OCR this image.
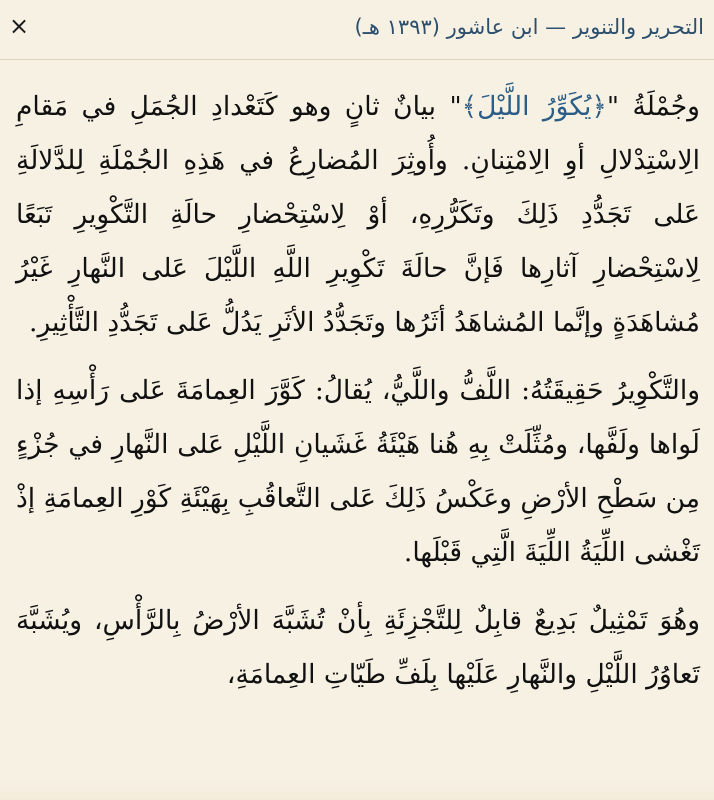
×	التحرير والتنوير — ابن عاشور (١٣٩٣ هـ)

وجُمْلَةُ "﴿يُكَوِّرُ اللَّيْلَ﴾" بيانٌ ثانٍ وهو كَتَعْدادِ الجُمَلِ في مَقامِ الِاسْتِدْلالِ أوِ الِامْتِنانِ. وأُوثِرَ المُضارِعُ في هَذِهِ الجُمْلَةِ لِلدَّلالَةِ عَلى تَجَدُّدِ ذَلِكَ وتَكَرُّرِهِ، أوْ لِاسْتِحْضارِ حالَةِ التَّكْوِيرِ تَبَعًا لِاسْتِحْضارِ آثارِها فَإنَّ حالَةَ تَكْوِيرِ اللَّهِ اللَّيْلَ عَلى النَّهارِ غَيْرُ مُشاهَدَةٍ وإنَّما المُشاهَدُ أثَرُها وتَجَدُّدُ الأثَرِ يَدُلُّ عَلى تَجَدُّدِ التَّأْثِيرِ.

والتَّكْوِيرُ حَقِيقَتُهُ: اللَّفُّ واللَّيُّ، يُقالُ: كَوَّرَ العِمامَةَ عَلى رَأْسِهِ إذا لَواها ولَفَّها، ومُثِّلَتْ بِهِ هُنا هَيْئَةُ غَشَيانِ اللَّيْلِ عَلى النَّهارِ في جُزْءٍ مِن سَطْحِ الأرْضِ وعَكْسُ ذَلِكَ عَلى التَّعاقُبِ بِهَيْئَةِ كَوْرِ العِمامَةِ إذْ تَغْشى اللِّيَةُ اللِّيَةَ الَّتِي قَبْلَها.

وهُوَ تَمْثِيلٌ بَدِيعٌ قابِلٌ لِلتَّجْزِئَةِ بِأنْ تُشَبَّهَ الأرْضُ بِالرَّأْسِ، ويُشَبَّهَ تَعاوُرُ اللَّيْلِ والنَّهارِ عَلَيْها بِلَفِّ طَيّاتِ العِمامَةِ،
